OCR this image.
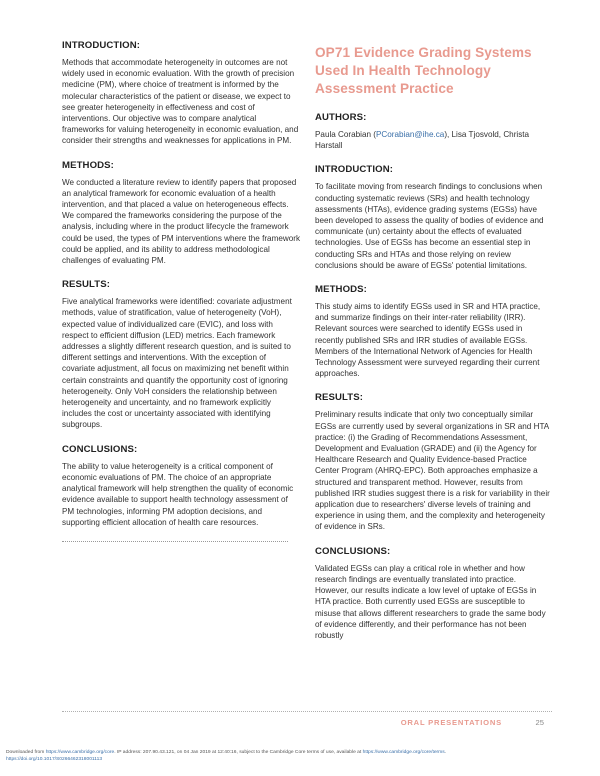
INTRODUCTION:

Methods that accommodate heterogeneity in outcomes are not widely used in economic evaluation. With the growth of precision medicine (PM), where choice of treatment is informed by the molecular characteristics of the patient or disease, we expect to see greater heterogeneity in effectiveness and cost of interventions. Our objective was to compare analytical frameworks for valuing heterogeneity in economic evaluation, and consider their strengths and weaknesses for applications in PM.

METHODS:

We conducted a literature review to identify papers that proposed an analytical framework for economic evaluation of a health intervention, and that placed a value on heterogeneous effects. We compared the frameworks considering the purpose of the analysis, including where in the product lifecycle the framework could be used, the types of PM interventions where the framework could be applied, and its ability to address methodological challenges of evaluating PM.

RESULTS:

Five analytical frameworks were identified: covariate adjustment methods, value of stratification, value of heterogeneity (VoH), expected value of individualized care (EVIC), and loss with respect to efficient diffusion (LED) metrics. Each framework addresses a slightly different research question, and is suited to different settings and interventions. With the exception of covariate adjustment, all focus on maximizing net benefit within certain constraints and quantify the opportunity cost of ignoring heterogeneity. Only VoH considers the relationship between heterogeneity and uncertainty, and no framework explicitly includes the cost or uncertainty associated with identifying subgroups.

CONCLUSIONS:

The ability to value heterogeneity is a critical component of economic evaluations of PM. The choice of an appropriate analytical framework will help strengthen the quality of economic evidence available to support health technology assessment of PM technologies, informing PM adoption decisions, and supporting efficient allocation of health care resources.

OP71 Evidence Grading Systems Used In Health Technology Assessment Practice
AUTHORS:

Paula Corabian (PCorabian@ihe.ca), Lisa Tjosvold, Christa Harstall

INTRODUCTION:

To facilitate moving from research findings to conclusions when conducting systematic reviews (SRs) and health technology assessments (HTAs), evidence grading systems (EGSs) have been developed to assess the quality of bodies of evidence and communicate (un) certainty about the effects of evaluated technologies. Use of EGSs has become an essential step in conducting SRs and HTAs and those relying on review conclusions should be aware of EGSs' potential limitations.

METHODS:

This study aims to identify EGSs used in SR and HTA practice, and summarize findings on their inter-rater reliability (IRR). Relevant sources were searched to identify EGSs used in recently published SRs and IRR studies of available EGSs. Members of the International Network of Agencies for Health Technology Assessment were surveyed regarding their current approaches.

RESULTS:

Preliminary results indicate that only two conceptually similar EGSs are currently used by several organizations in SR and HTA practice: (i) the Grading of Recommendations Assessment, Development and Evaluation (GRADE) and (ii) the Agency for Healthcare Research and Quality Evidence-based Practice Center Program (AHRQ-EPC). Both approaches emphasize a structured and transparent method. However, results from published IRR studies suggest there is a risk for variability in their application due to researchers' diverse levels of training and experience in using them, and the complexity and heterogeneity of evidence in SRs.

CONCLUSIONS:

Validated EGSs can play a critical role in whether and how research findings are eventually translated into practice. However, our results indicate a low level of uptake of EGSs in HTA practice. Both currently used EGSs are susceptible to misuse that allows different researchers to grade the same body of evidence differently, and their performance has not been robustly

ORAL PRESENTATIONS	25
Downloaded from https://www.cambridge.org/core. IP address: 207.90.43.121, on 04 Jan 2019 at 12:40:16, subject to the Cambridge Core terms of use, available at https://www.cambridge.org/core/terms.
https://doi.org/10.1017/S0266462318001113
